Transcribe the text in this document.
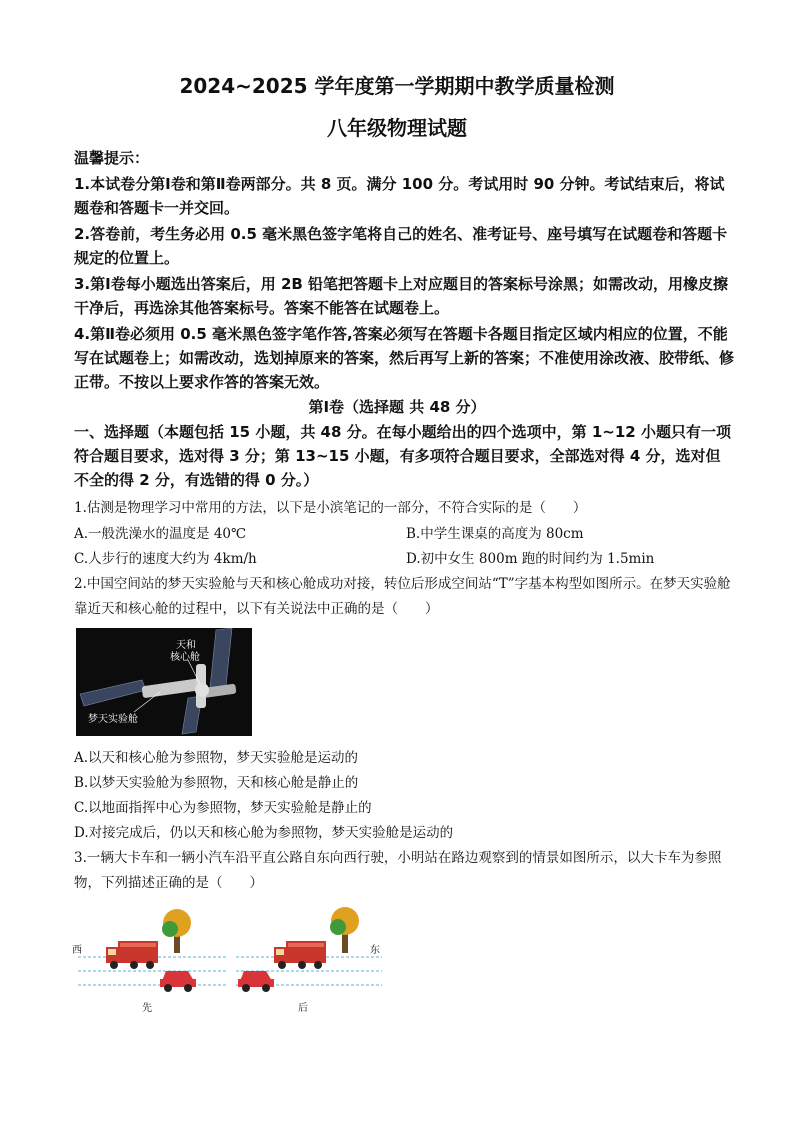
2024~2025 学年度第一学期期中教学质量检测
八年级物理试题
温馨提示：
1.本试卷分第Ⅰ卷和第Ⅱ卷两部分。共 8 页。满分 100 分。考试用时 90 分钟。考试结束后，将试题卷和答题卡一并交回。
2.答卷前，考生务必用 0.5 毫米黑色签字笔将自己的姓名、准考证号、座号填写在试题卷和答题卡规定的位置上。
3.第Ⅰ卷每小题选出答案后，用 2B 铅笔把答题卡上对应题目的答案标号涂黑；如需改动，用橡皮擦干净后，再选涂其他答案标号。答案不能答在试题卷上。
4.第Ⅱ卷必须用 0.5 毫米黑色签字笔作答,答案必须写在答题卡各题目指定区域内相应的位置，不能写在试题卷上；如需改动，选划掉原来的答案，然后再写上新的答案；不准使用涂改液、胶带纸、修正带。不按以上要求作答的答案无效。
第Ⅰ卷（选择题 共 48 分）
一、选择题（本题包括 15 小题，共 48 分。在每小题给出的四个选项中，第 1~12 小题只有一项符合题目要求，选对得 3 分；第 13~15 小题，有多项符合题目要求，全部选对得 4 分，选对但不全的得 2 分，有选错的得 0 分。）
1.估测是物理学习中常用的方法，以下是小滨笔记的一部分，不符合实际的是（　　）
A.一般洗澡水的温度是 40℃	B.中学生课桌的高度为 80cm
C.人步行的速度大约为 4km/h	D.初中女生 800m 跑的时间约为 1.5min
2.中国空间站的梦天实验舱与天和核心舱成功对接，转位后形成空间站“T”字基本构型如图所示。在梦天实验舱靠近天和核心舱的过程中，以下有关说法中正确的是（　　）
天和
核心舱
梦天实验舱
A.以天和核心舱为参照物，梦天实验舱是运动的
B.以梦天实验舱为参照物，天和核心舱是静止的
C.以地面指挥中心为参照物，梦天实验舱是静止的
D.对接完成后，仍以天和核心舱为参照物，梦天实验舱是运动的
3.一辆大卡车和一辆小汽车沿平直公路自东向西行驶，小明站在路边观察到的情景如图所示，以大卡车为参照物，下列描述正确的是（　　）
西	东
先	后
